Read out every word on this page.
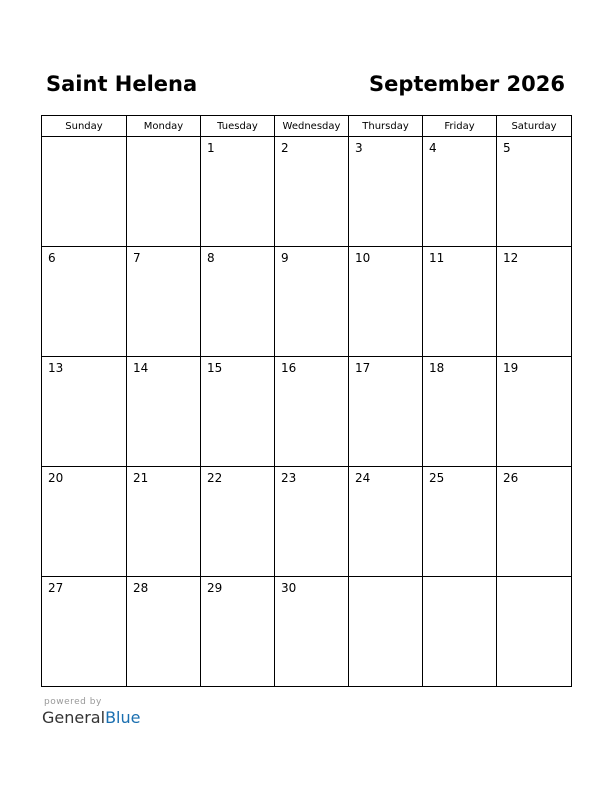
Saint Helena	September 2026
Sunday	Monday	Tuesday	Wednesday	Thursday	Friday	Saturday

		1	2	3	4	5

6	7	8	9	10	11	12

13	14	15	16	17	18	19

20	21	22	23	24	25	26

27	28	29	30			

powered by
GeneralBlue
